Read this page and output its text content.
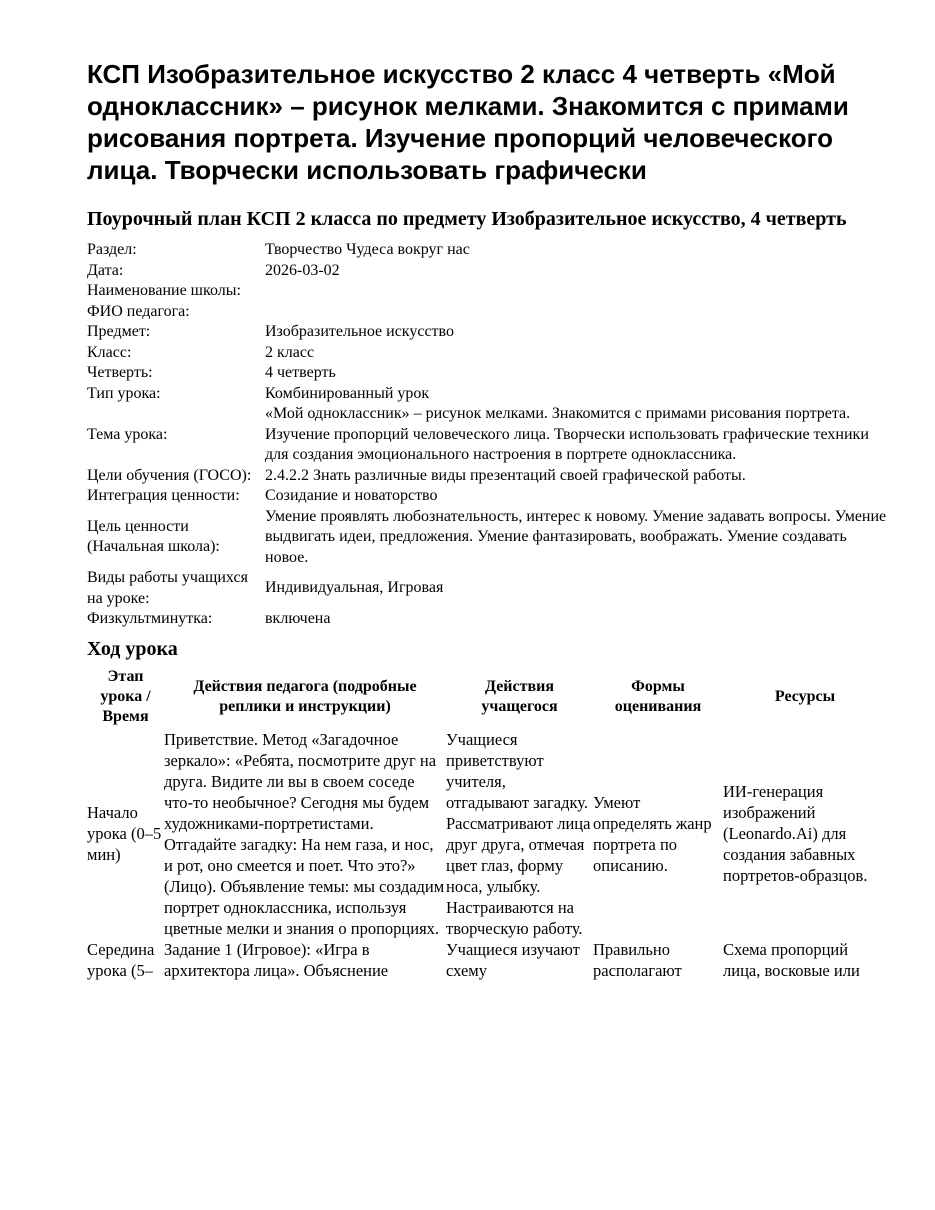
КСП Изобразительное искусство 2 класс 4 четверть «Мой одноклассник» – рисунок мелками. Знакомится с примами рисования портрета. Изучение пропорций человеческого лица. Творчески использовать графически
Поурочный план КСП 2 класса по предмету Изобразительное искусство, 4 четверть
Раздел:	Творчество Чудеса вокруг нас
Дата:	2026-03-02
Наименование школы:	
ФИО педагога:	
Предмет:	Изобразительное искусство
Класс:	2 класс
Четверть:	4 четверть
Тип урока:	Комбинированный урок
Тема урока:	«Мой одноклассник» – рисунок мелками. Знакомится с примами рисования портрета. Изучение пропорций человеческого лица. Творчески использовать графические техники для создания эмоционального настроения в портрете одноклассника.
Цели обучения (ГОСО):	2.4.2.2 Знать различные виды презентаций своей графической работы.
Интеграция ценности:	Созидание и новаторство
Цель ценности (Начальная школа):	Умение проявлять любознательность, интерес к новому. Умение задавать вопросы. Умение выдвигать идеи, предложения. Умение фантазировать, воображать. Умение создавать новое.
Виды работы учащихся на уроке:	Индивидуальная, Игровая
Физкультминутка:	включена
Ход урока
Этап урока / Время	Действия педагога (подробные реплики и инструкции)	Действия учащегося	Формы оценивания	Ресурсы
Начало урока (0–5 мин)	Приветствие. Метод «Загадочное зеркало»: «Ребята, посмотрите друг на друга. Видите ли вы в своем соседе что-то необычное? Сегодня мы будем художниками-портретистами. Отгадайте загадку: На нем газа, и нос, и рот, оно смеется и поет. Что это?» (Лицо). Объявление темы: мы создадим портрет одноклассника, используя цветные мелки и знания о пропорциях.	Учащиеся приветствуют учителя, отгадывают загадку. Рассматривают лица друг друга, отмечая цвет глаз, форму носа, улыбку. Настраиваются на творческую работу.	Умеют определять жанр портрета по описанию.	ИИ-генерация изображений (Leonardo.Ai) для создания забавных портретов-образцов.
Середина урока (5–	Задание 1 (Игровое): «Игра в архитектора лица». Объяснение	Учащиеся изучают схему	Правильно располагают	Схема пропорций лица, восковые или
